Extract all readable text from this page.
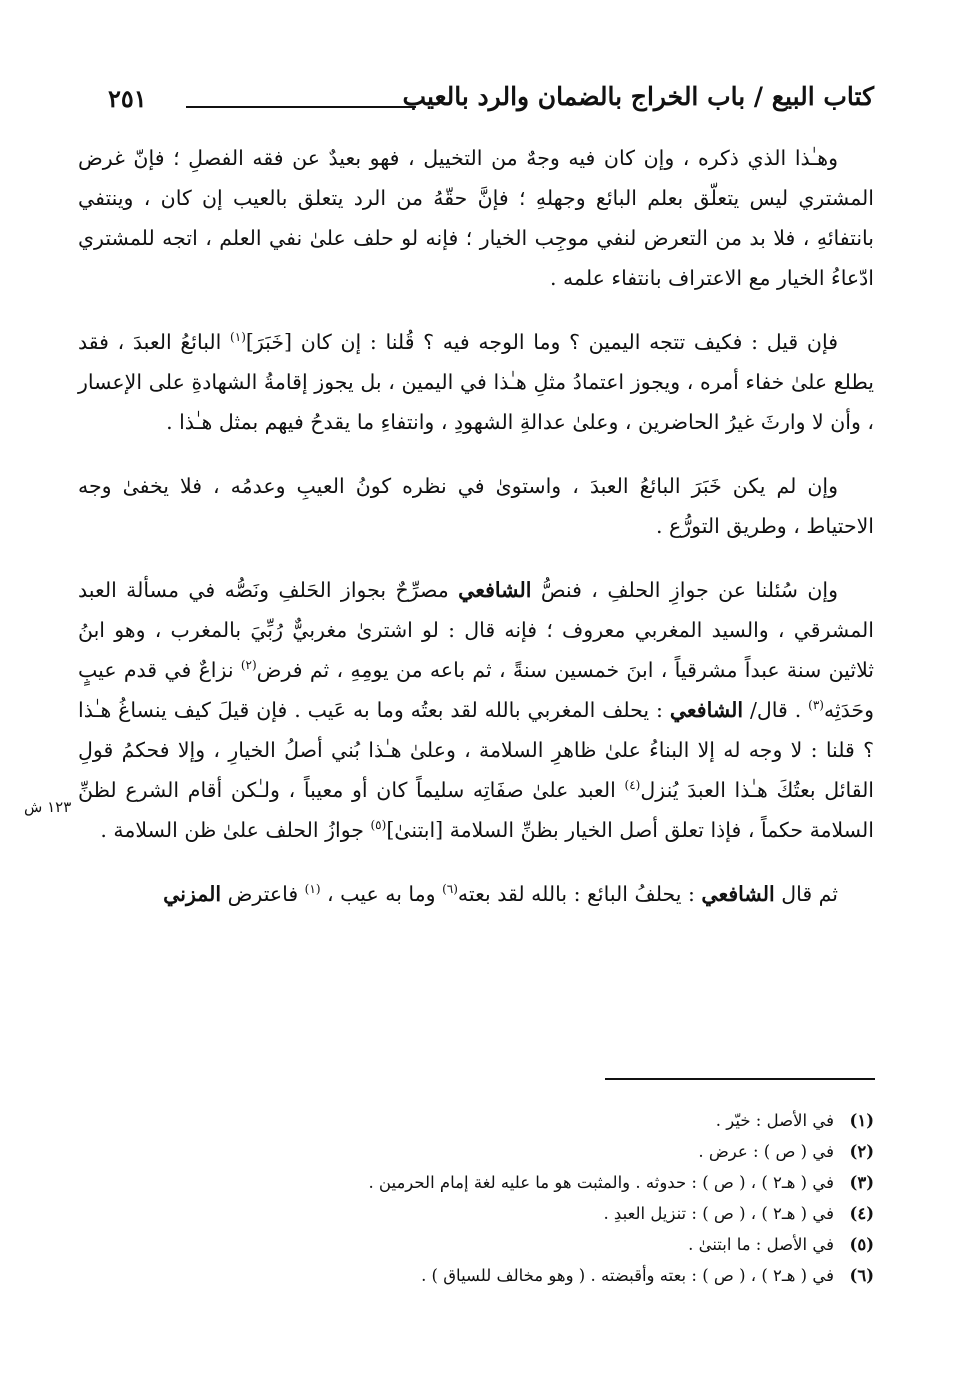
كتاب البيع / باب الخراج بالضمان والرد بالعيب
٢٥١
١٢٣ ش

وهـٰذا الذي ذكره ، وإن كان فيه وجهٌ من التخييل ، فهو بعيدٌ عن فقه الفصلِ ؛ فإنّ غرض المشتري ليس يتعلّق بعلم البائع وجهلهِ ؛ فإنَّ حقّهُ من الرد يتعلق بالعيب إن كان ، وينتفي بانتفائهِ ، فلا بد من التعرض لنفي موجِب الخيار ؛ فإنه لو حلف علىٰ نفي العلم ، اتجه للمشتري ادّعاءُ الخيار مع الاعتراف بانتفاء علمه .

فإن قيل : فكيف تتجه اليمين ؟ وما الوجه فيه ؟ قُلنا : إن كان [خَبَرَ]$^{(١)}$ البائعُ العبدَ ، فقد يطلع علىٰ خفاء أمره ، ويجوز اعتمادُ مثلِ هـٰذا في اليمين ، بل يجوز إقامةُ الشهادةِ على الإعسار ، وأن لا وارثَ غيرُ الحاضرين ، وعلىٰ عدالةِ الشهودِ ، وانتفاءِ ما يقدحُ فيهم بمثل هـٰذا .

وإن لم يكن خَبَرَ البائعُ العبدَ ، واستوىٰ في نظره كونُ العيبِ وعدمُه ، فلا يخفىٰ وجه الاحتياط ، وطريق التورُّع .

وإن سُئلنا عن جوازِ الحلفِ ، فنصُّ الشافعي مصرِّحٌ بجواز الحَلفِ ونَصُّه في مسألة العبد المشرقي ، والسيد المغربي معروف ؛ فإنه قال : لو اشترىٰ مغربيٌّ رُبِّيَ بالمغرب ، وهو ابنُ ثلاثين سنة عبداً مشرقياً ، ابنَ خمسين سنةً ، ثم باعه من يومِهِ ، ثم فرض$^{(٢)}$ نزاعٌ في قدم عيبٍ وحَدَثِه$^{(٣)}$ . قال/ الشافعي : يحلف المغربي بالله لقد بعتُه وما به عَيب . فإن قيلَ كيف ينساغُ هـٰذا ؟ قلنا : لا وجه له إلا البناءُ علىٰ ظاهرِ السلامة ، وعلىٰ هـٰذا بُني أصلُ الخيارِ ، وإلا فحكمُ قولِ القائل بعتُكَ هـٰذا العبدَ يُنزل$^{(٤)}$ العبد علىٰ صفَاتِه سليماً كان أو معيباً ، ولـٰكن أقام الشرع لظنِّ السلامة حكماً ، فإذا تعلق أصل الخيار بظنِّ السلامة [ابتنىٰ]$^{(٥)}$ جوازُ الحلف علىٰ ظن السلامة .

ثم قال الشافعي : يحلفُ البائع : بالله لقد بعته$^{(٦)}$ وما به عيب ، $^{(١)}$ فاعترض المزني

(١)
في الأصل : خيّر .
(٢)
في ( ص ) : عرض .
(٣)
في ( هـ٢ ) ، ( ص ) : حدوثه . والمثبت هو ما عليه لغة إمام الحرمين .
(٤)
في ( هـ٢ ) ، ( ص ) : تنزيل العبدِ .
(٥)
في الأصل : ما ابتنىٰ .
(٦)
في ( هـ٢ ) ، ( ص ) : بعته وأقبضته . ( وهو مخالف للسياق ) .
